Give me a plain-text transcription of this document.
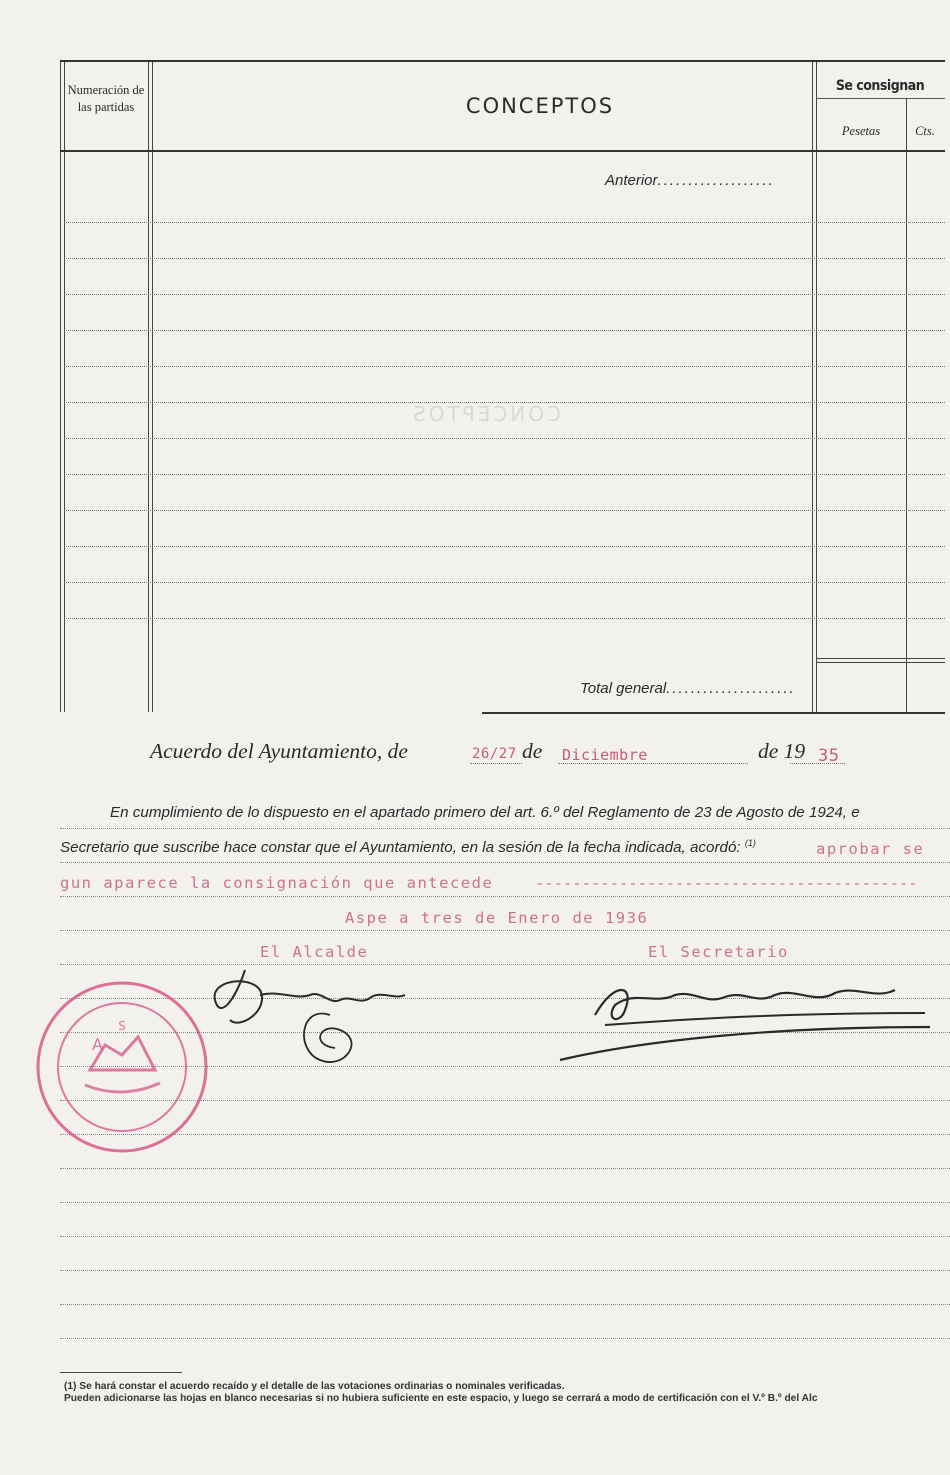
Numeración de las partidas	CONCEPTOS
Se consignan
Pesetas	Cts.
Anterior...................
Total general.....................
CONCEPTOS
Acuerdo del Ayuntamiento, de	26/27 de Diciembre	de 19 35
En cumplimiento de lo dispuesto en el apartado primero del art. 6.º del Reglamento de 23 de Agosto de 1924, e
Secretario que suscribe hace constar que el Ayuntamiento, en la sesión de la fecha indicada, acordó: $^{(1)}$	aprobar se
gun aparece la consignación que antecede	-----------------------------------------
Aspe a tres de Enero de 1936
El Alcalde	El Secretario
S
A
(1) Se hará constar el acuerdo recaído y el detalle de las votaciones ordinarias o nominales verificadas.
Pueden adicionarse las hojas en blanco necesarias si no hubiera suficiente en este espacio, y luego se cerrará a modo de certificación con el V.º B.º del Alc
